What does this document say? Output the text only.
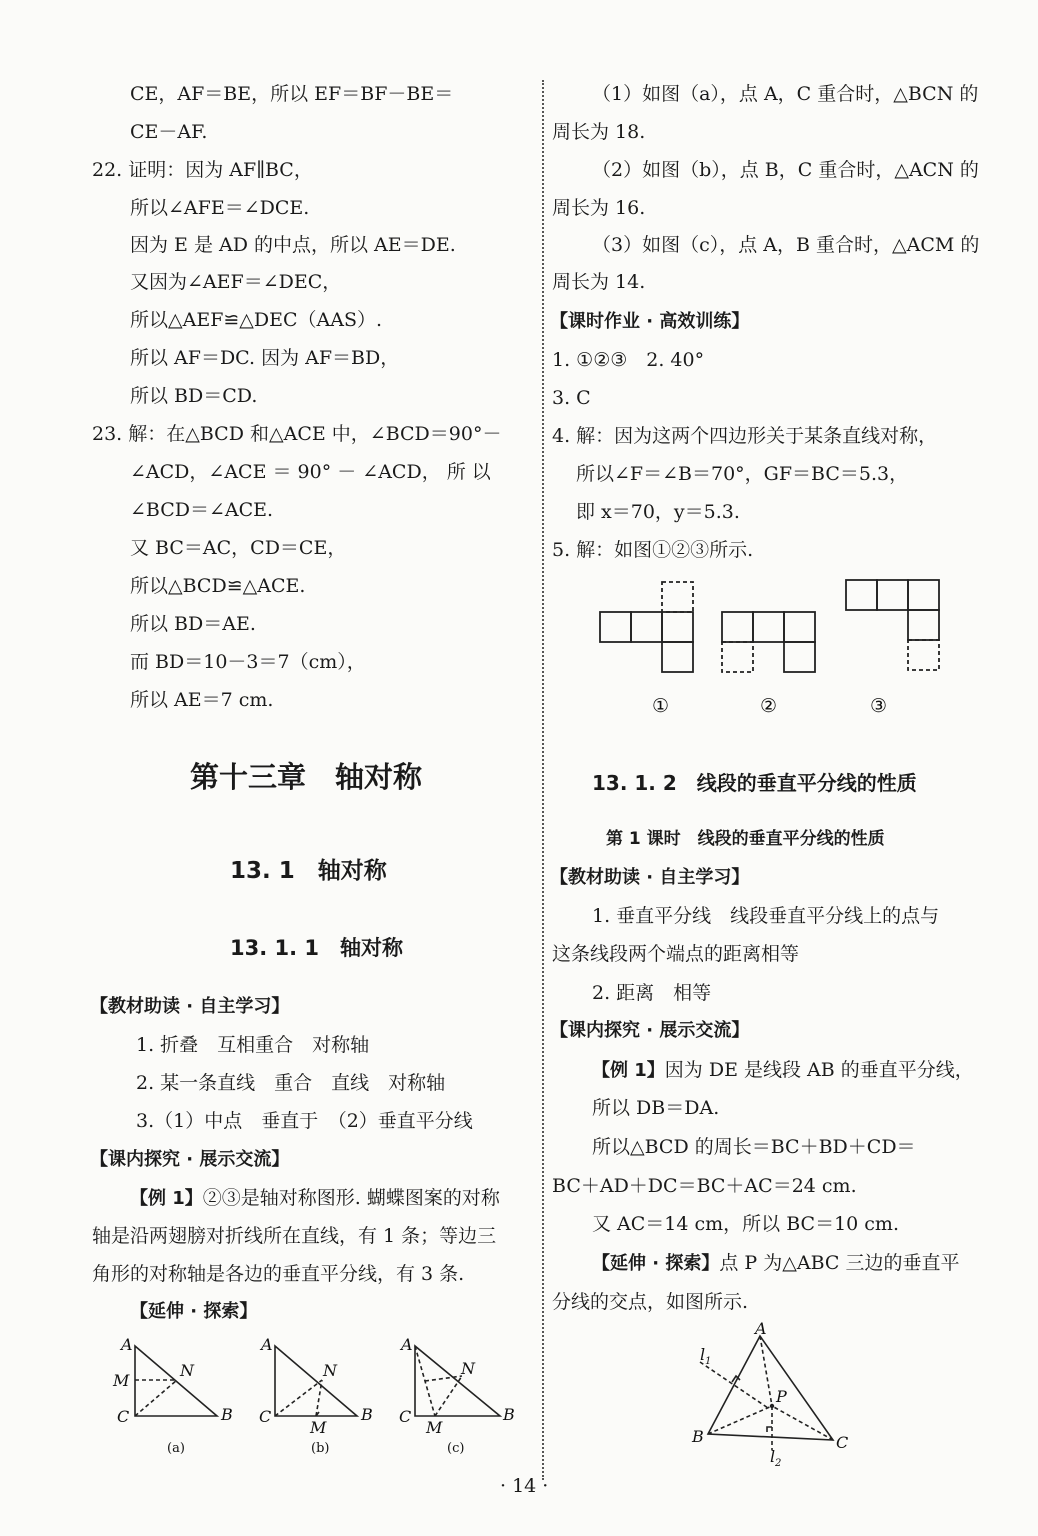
CE，AF＝BE，所以 EF＝BF－BE＝
CE－AF.
22. 证明：因为 AF∥BC，
所以∠AFE＝∠DCE.
因为 E 是 AD 的中点，所以 AE＝DE.
又因为∠AEF＝∠DEC，
所以△AEF≌△DEC（AAS）.
所以 AF＝DC. 因为 AF＝BD，
所以 BD＝CD.
23. 解：在△BCD 和△ACE 中，∠BCD＝90°－
∠ACD，∠ACE ＝ 90° － ∠ACD， 所 以
∠BCD＝∠ACE.
又 BC＝AC，CD＝CE，
所以△BCD≌△ACE.
所以 BD＝AE.
而 BD＝10－3＝7（cm），
所以 AE＝7 cm.
第十三章　轴对称
13. 1　轴对称
13. 1. 1　轴对称
【教材助读 · 自主学习】
1. 折叠　互相重合　对称轴
2. 某一条直线　重合　直线　对称轴
3.（1）中点　垂直于　（2）垂直平分线
【课内探究 · 展示交流】
【例 1】②③是轴对称图形. 蝴蝶图案的对称
轴是沿两翅膀对折线所在直线，有 1 条；等边三
角形的对称轴是各边的垂直平分线，有 3 条.
【延伸 · 探索】
A
M
N
C	B
A
N
C
M
B
A
N
C
M
B
(a)	(b)	(c)
（1）如图（a），点 A，C 重合时，△BCN 的
周长为 18.
（2）如图（b），点 B，C 重合时，△ACN 的
周长为 16.
（3）如图（c），点 A，B 重合时，△ACM 的
周长为 14.
【课时作业 · 高效训练】
1. ①②③　2. 40°
3. C
4. 解：因为这两个四边形关于某条直线对称，
所以∠F＝∠B＝70°，GF＝BC＝5.3，
即 x＝70，y＝5.3.
5. 解：如图①②③所示.
①	②	③
13. 1. 2　线段的垂直平分线的性质
第 1 课时　线段的垂直平分线的性质
【教材助读 · 自主学习】
1. 垂直平分线　线段垂直平分线上的点与
这条线段两个端点的距离相等
2. 距离　相等
【课内探究 · 展示交流】
【例 1】因为 DE 是线段 AB 的垂直平分线，
所以 DB＝DA.
所以△BCD 的周长＝BC＋BD＋CD＝
BC＋AD＋DC＝BC＋AC＝24 cm.
又 AC＝14 cm，所以 BC＝10 cm.
【延伸 · 探索】点 P 为△ABC 三边的垂直平
分线的交点，如图所示.
A
l 1
P
B	C
l 2
· 14 ·
